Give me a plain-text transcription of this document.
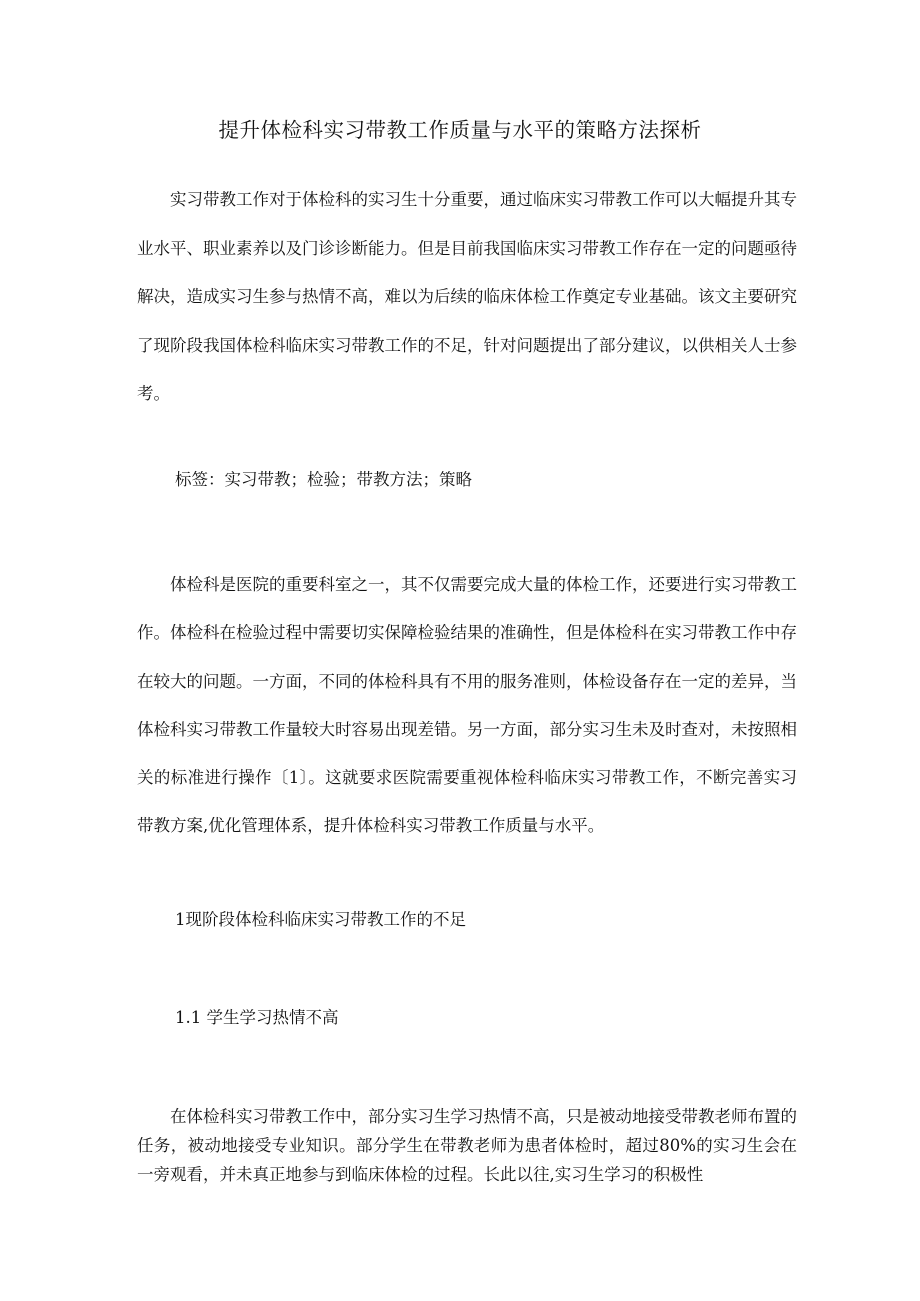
提升体检科实习带教工作质量与水平的策略方法探析

实习带教工作对于体检科的实习生十分重要，通过临床实习带教工作可以大幅提升其专业水平、职业素养以及门诊诊断能力。但是目前我国临床实习带教工作存在一定的问题亟待解决，造成实习生参与热情不高，难以为后续的临床体检工作奠定专业基础。该文主要研究了现阶段我国体检科临床实习带教工作的不足，针对问题提出了部分建议，以供相关人士参考。

标签：实习带教；检验；带教方法；策略

体检科是医院的重要科室之一，其不仅需要完成大量的体检工作，还要进行实习带教工作。体检科在检验过程中需要切实保障检验结果的准确性，但是体检科在实习带教工作中存在较大的问题。一方面，不同的体检科具有不用的服务准则，体检设备存在一定的差异，当体检科实习带教工作量较大时容易出现差错。另一方面，部分实习生未及时查对，未按照相关的标准进行操作〔1〕。这就要求医院需要重视体检科临床实习带教工作，不断完善实习带教方案,优化管理体系，提升体检科实习带教工作质量与水平。

1现阶段体检科临床实习带教工作的不足
1.1 学生学习热情不高

在体检科实习带教工作中，部分实习生学习热情不高，只是被动地接受带教老师布置的任务，被动地接受专业知识。部分学生在带教老师为患者体检时，超过80%的实习生会在一旁观看，并未真正地参与到临床体检的过程。长此以往,实习生学习的积极性
